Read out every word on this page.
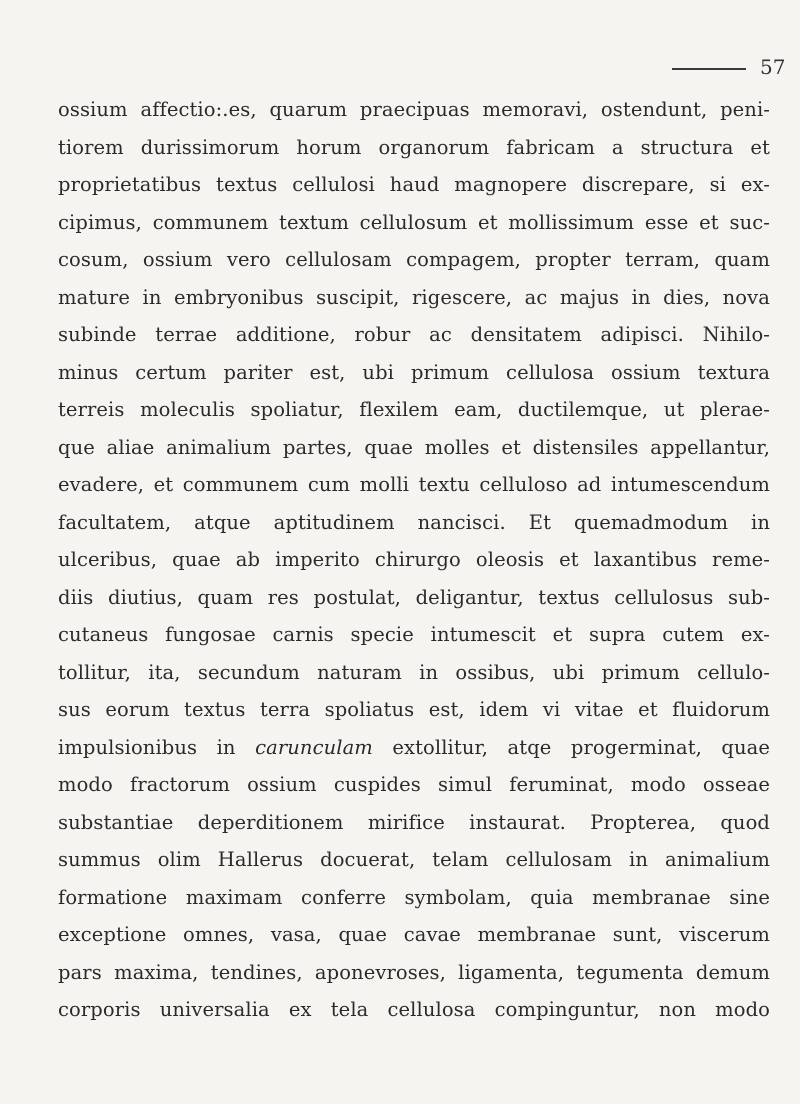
57
ossium affectio:.es, quarum praecipuas memoravi, ostendunt, peni-
tiorem durissimorum horum organorum fabricam a structura et
proprietatibus textus cellulosi haud magnopere discrepare, si ex-
cipimus, communem textum cellulosum et mollissimum esse et suc-
cosum, ossium vero cellulosam compagem, propter terram, quam
mature in embryonibus suscipit, rigescere, ac majus in dies, nova
subinde terrae additione, robur ac densitatem adipisci. Nihilo-
minus certum pariter est, ubi primum cellulosa ossium textura
terreis moleculis spoliatur, flexilem eam, ductilemque, ut plerae-
que aliae animalium partes, quae molles et distensiles appellantur,
evadere, et communem cum molli textu celluloso ad intumescendum
facultatem, atque aptitudinem nancisci. Et quemadmodum in
ulceribus, quae ab imperito chirurgo oleosis et laxantibus reme-
diis diutius, quam res postulat, deligantur, textus cellulosus sub-
cutaneus fungosae carnis specie intumescit et supra cutem ex-
tollitur, ita, secundum naturam in ossibus, ubi primum cellulo-
sus eorum textus terra spoliatus est, idem vi vitae et fluidorum
impulsionibus in carunculam extollitur, atqe progerminat, quae
modo fractorum ossium cuspides simul feruminat, modo osseae
substantiae deperditionem mirifice instaurat. Propterea, quod
summus olim Hallerus docuerat, telam cellulosam in animalium
formatione maximam conferre symbolam, quia membranae sine
exceptione omnes, vasa, quae cavae membranae sunt, viscerum
pars maxima, tendines, aponevroses, ligamenta, tegumenta demum
corporis universalia ex tela cellulosa compinguntur, non modo
